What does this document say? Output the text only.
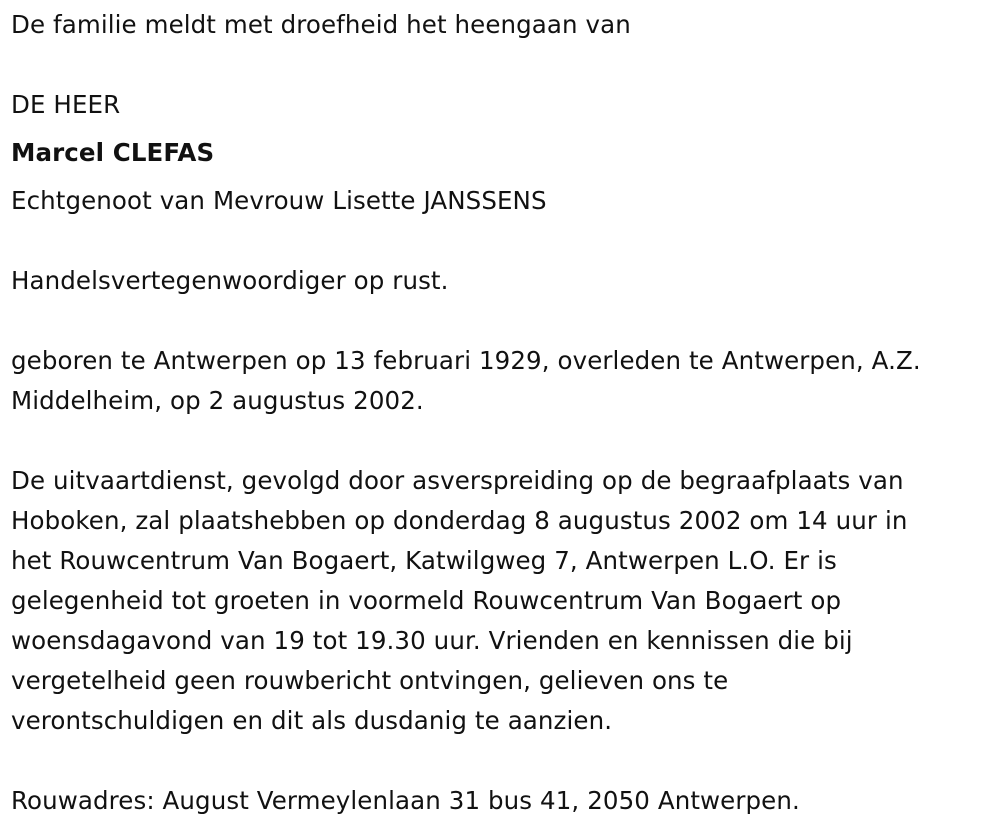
De familie meldt met droefheid het heengaan van
DE HEER
Marcel CLEFAS
Echtgenoot van Mevrouw Lisette JANSSENS
Handelsvertegenwoordiger op rust.
geboren te Antwerpen op 13 februari 1929, overleden te Antwerpen, A.Z.
Middelheim, op 2 augustus 2002.
De uitvaartdienst, gevolgd door asverspreiding op de begraafplaats van
Hoboken, zal plaatshebben op donderdag 8 augustus 2002 om 14 uur in
het Rouwcentrum Van Bogaert, Katwilgweg 7, Antwerpen L.O. Er is
gelegenheid tot groeten in voormeld Rouwcentrum Van Bogaert op
woensdagavond van 19 tot 19.30 uur. Vrienden en kennissen die bij
vergetelheid geen rouwbericht ontvingen, gelieven ons te
verontschuldigen en dit als dusdanig te aanzien.
Rouwadres: August Vermeylenlaan 31 bus 41, 2050 Antwerpen.
